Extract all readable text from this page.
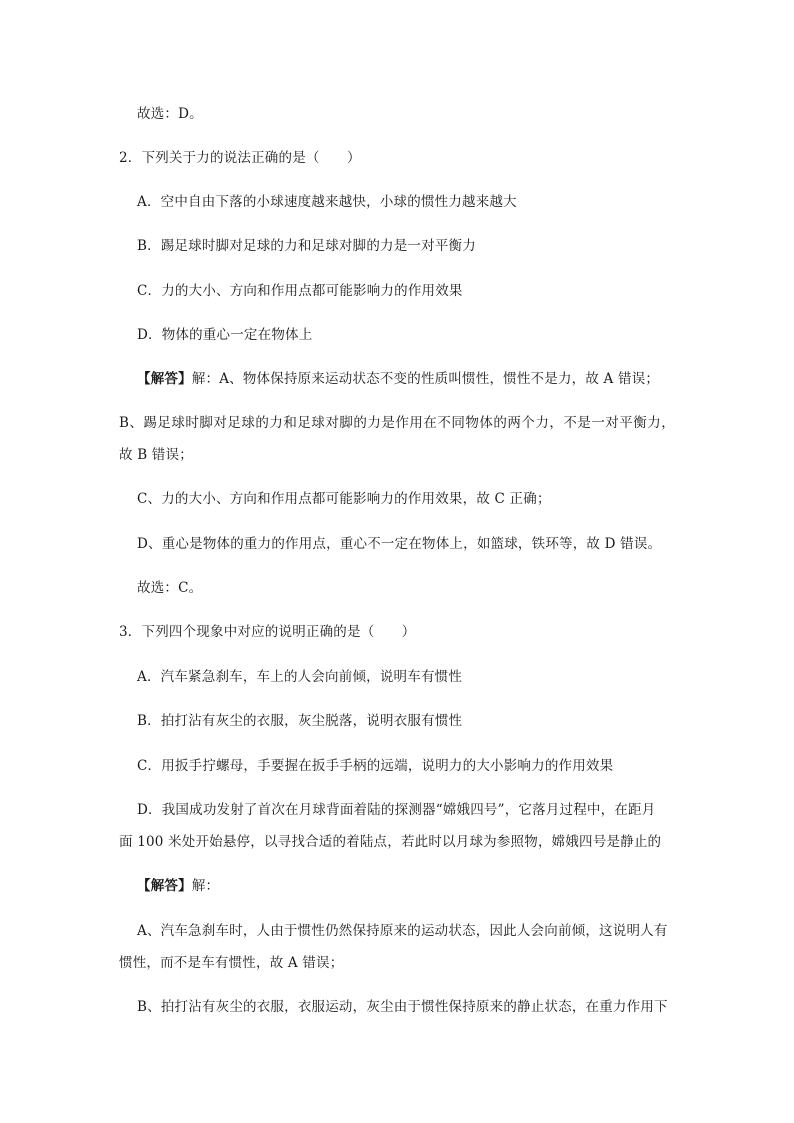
故选：D。
2．下列关于力的说法正确的是（　　）
A．空中自由下落的小球速度越来越快，小球的惯性力越来越大
B．踢足球时脚对足球的力和足球对脚的力是一对平衡力
C．力的大小、方向和作用点都可能影响力的作用效果
D．物体的重心一定在物体上
【解答】解：A、物体保持原来运动状态不变的性质叫惯性，惯性不是力，故 A 错误；
B、踢足球时脚对足球的力和足球对脚的力是作用在不同物体的两个力，不是一对平衡力，
故 B 错误；
C、力的大小、方向和作用点都可能影响力的作用效果，故 C 正确；
D、重心是物体的重力的作用点，重心不一定在物体上，如篮球，铁环等，故 D 错误。
故选：C。
3．下列四个现象中对应的说明正确的是（　　）
A．汽车紧急刹车，车上的人会向前倾，说明车有惯性
B．拍打沾有灰尘的衣服，灰尘脱落，说明衣服有惯性
C．用扳手拧螺母，手要握在扳手手柄的远端，说明力的大小影响力的作用效果
D．我国成功发射了首次在月球背面着陆的探测器“嫦娥四号”，它落月过程中，在距月
面 100 米处开始悬停，以寻找合适的着陆点，若此时以月球为参照物，嫦娥四号是静止的
【解答】解：
A、汽车急刹车时，人由于惯性仍然保持原来的运动状态，因此人会向前倾，这说明人有
惯性，而不是车有惯性，故 A 错误；
B、拍打沾有灰尘的衣服，衣服运动，灰尘由于惯性保持原来的静止状态，在重力作用下
